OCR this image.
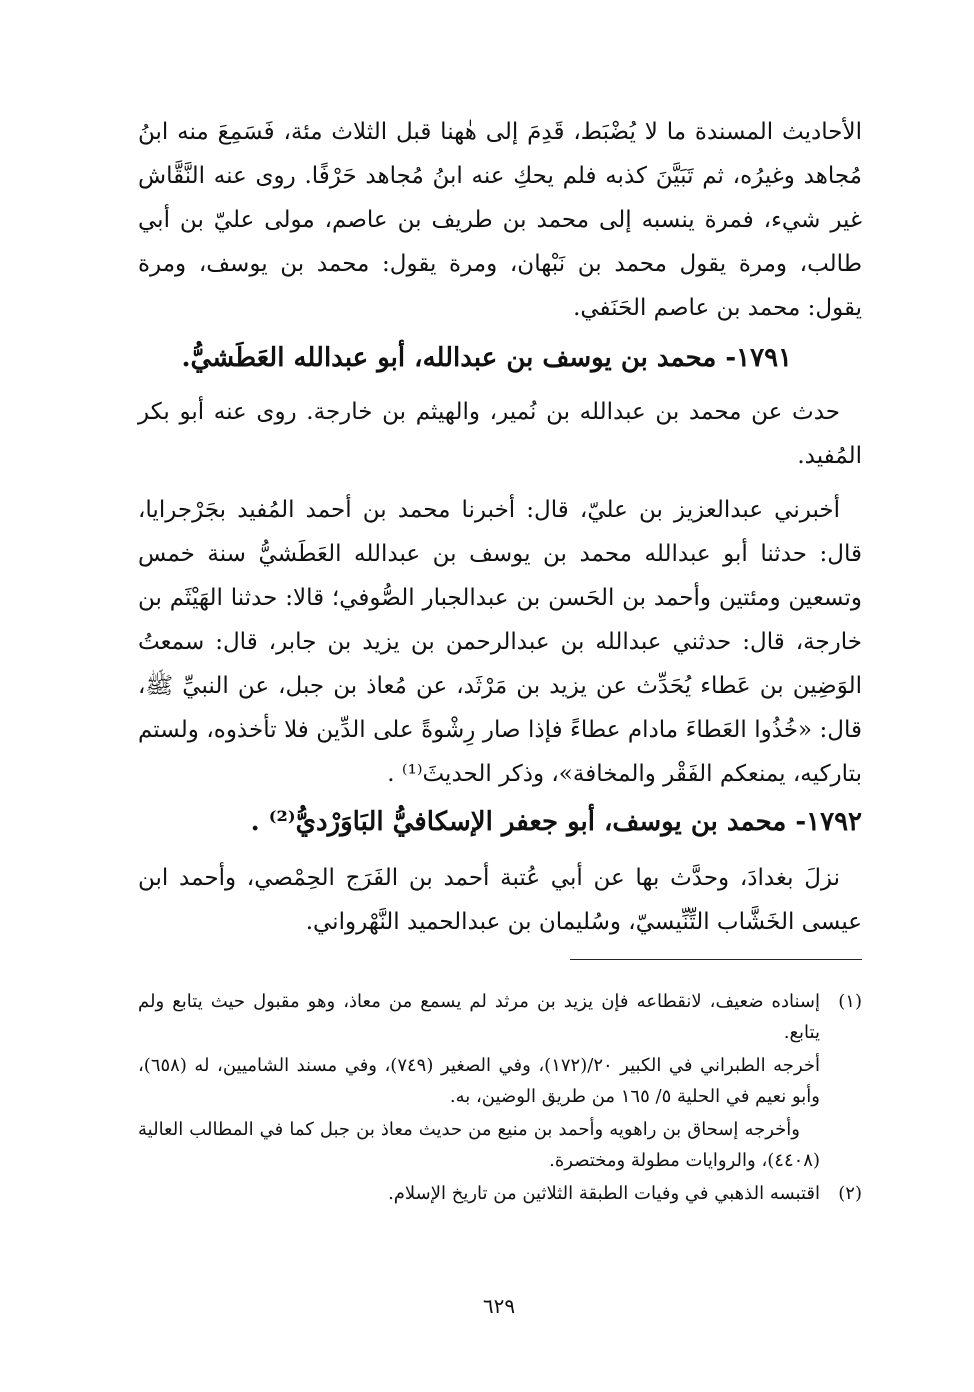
الأحاديث المسندة ما لا يُضْبَط، قَدِمَ إلى هٰهنا قبل الثلاث مئة، فَسَمِعَ منه ابنُ مُجاهد وغيرُه، ثم تَبَيَّنَ كذبه فلم يحكِ عنه ابنُ مُجاهد حَرْفًا. روى عنه النَّقَّاش غير شيء، فمرة ينسبه إلى محمد بن طريف بن عاصم، مولى عليّ بن أبي طالب، ومرة يقول محمد بن نَبْهان، ومرة يقول: محمد بن يوسف، ومرة يقول: محمد بن عاصم الحَنَفي.

١٧٩١- محمد بن يوسف بن عبدالله، أبو عبدالله العَطَشيُّ.

حدث عن محمد بن عبدالله بن نُمير، والهيثم بن خارجة. روى عنه أبو بكر المُفيد.

أخبرني عبدالعزيز بن عليّ، قال: أخبرنا محمد بن أحمد المُفيد بجَرْجرايا، قال: حدثنا أبو عبدالله محمد بن يوسف بن عبدالله العَطَشيُّ سنة خمس وتسعين ومئتين وأحمد بن الحَسن بن عبدالجبار الصُّوفي؛ قالا: حدثنا الهَيْثَم بن خارجة، قال: حدثني عبدالله بن عبدالرحمن بن يزيد بن جابر، قال: سمعتُ الوَضِين بن عَطاء يُحَدِّث عن يزيد بن مَرْثَد، عن مُعاذ بن جبل، عن النبيِّ ﷺ، قال: «خُذُوا العَطاءَ مادام عطاءً فإذا صار رِشْوةً على الدِّين فلا تأخذوه، ولستم بتاركيه، يمنعكم الفَقْر والمخافة»، وذكر الحديثَ⁽¹⁾ .

١٧٩٢- محمد بن يوسف، أبو جعفر الإسكافيُّ البَاوَرْديُّ⁽²⁾ .

نزلَ بغدادَ، وحدَّث بها عن أبي عُتبة أحمد بن الفَرَج الحِمْصي، وأحمد ابن عيسى الخَشَّاب التِّنِّيسيّ، وسُليمان بن عبدالحميد النَّهْرواني.

(١)

إسناده ضعيف، لانقطاعه فإن يزيد بن مرثد لم يسمع من معاذ، وهو مقبول حيث يتابع ولم يتابع.

أخرجه الطبراني في الكبير ٢٠/(١٧٢)، وفي الصغير (٧٤٩)، وفي مسند الشاميين، له (٦٥٨)، وأبو نعيم في الحلية ٥/ ١٦٥ من طريق الوضين، به.

وأخرجه إسحاق بن راهويه وأحمد بن منيع من حديث معاذ بن جبل كما في المطالب العالية (٤٤٠٨)، والروايات مطولة ومختصرة.

(٢)

اقتبسه الذهبي في وفيات الطبقة الثلاثين من تاريخ الإسلام.

٦٢٩
